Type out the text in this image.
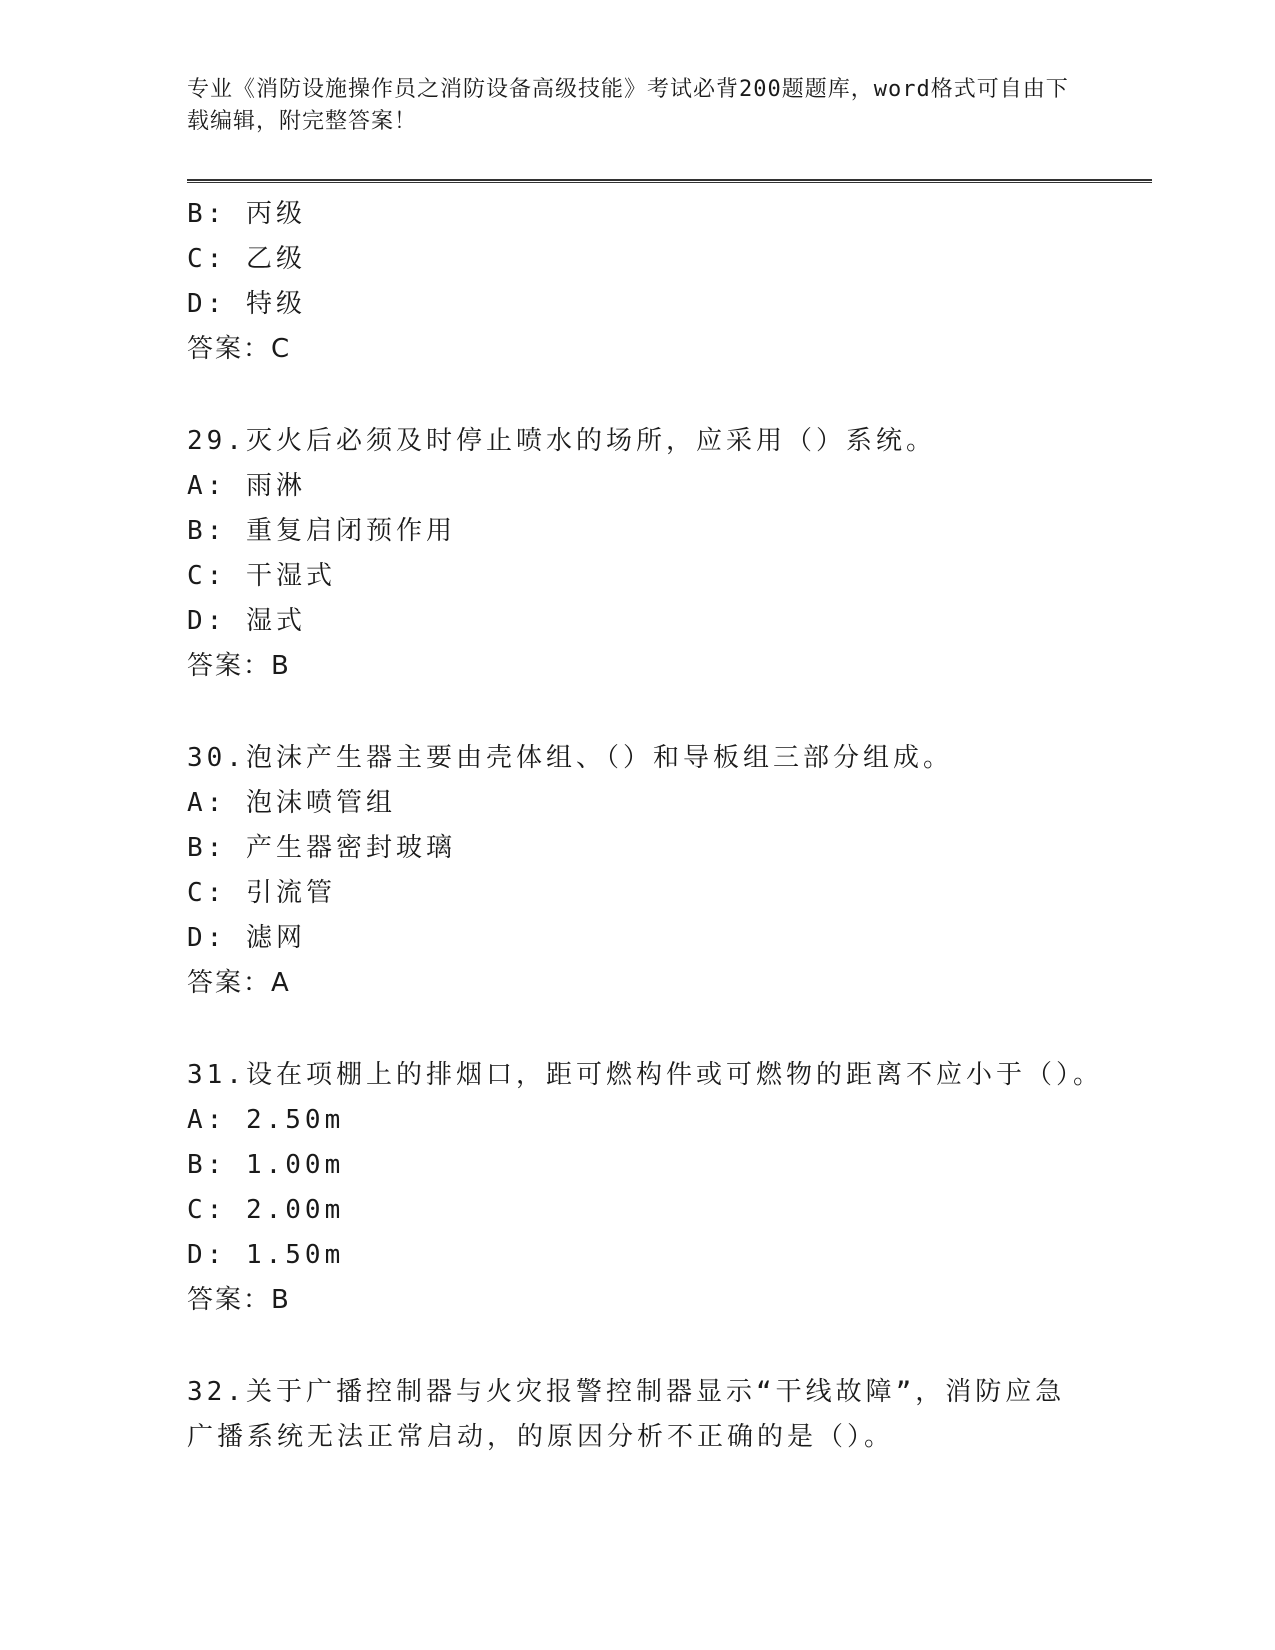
专业《消防设施操作员之消防设备高级技能》考试必背200题题库，word格式可自由下载编辑，附完整答案！

B: 丙级
C: 乙级
D: 特级
答案：C
29.灭火后必须及时停止喷水的场所，应采用（）系统。
A: 雨淋
B: 重复启闭预作用
C: 干湿式
D: 湿式
答案：B
30.泡沫产生器主要由壳体组、（）和导板组三部分组成。
A: 泡沫喷管组
B: 产生器密封玻璃
C: 引流管
D: 滤网
答案：A
31.设在项棚上的排烟口，距可燃构件或可燃物的距离不应小于（）。
A: 2.50m
B: 1.00m
C: 2.00m
D: 1.50m
答案：B
32.关于广播控制器与火灾报警控制器显示“干线故障”，消防应急广播系统无法正常启动，的原因分析不正确的是（）。
